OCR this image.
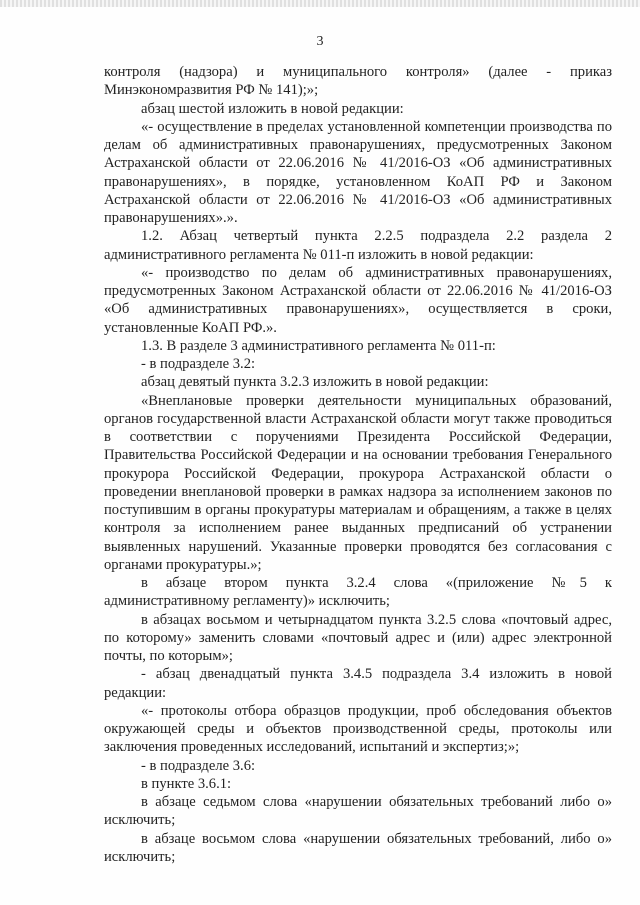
3

контроля (надзора) и муниципального контроля» (далее - приказ Минэкономразвития РФ № 141);»;

абзац шестой изложить в новой редакции:

«- осуществление в пределах установленной компетенции производства по делам об административных правонарушениях, предусмотренных Законом Астраханской области от 22.06.2016 № 41/2016-ОЗ «Об административных правонарушениях», в порядке, установленном КоАП РФ и Законом Астраханской области от 22.06.2016 № 41/2016-ОЗ «Об административных правонарушениях».».

1.2. Абзац четвертый пункта 2.2.5 подраздела 2.2 раздела 2 административного регламента № 011-п изложить в новой редакции:

«- производство по делам об административных правонарушениях, предусмотренных Законом Астраханской области от 22.06.2016 № 41/2016-ОЗ «Об административных правонарушениях», осуществляется в сроки, установленные КоАП РФ.».

1.3. В разделе 3 административного регламента № 011-п:

- в подразделе 3.2:

абзац девятый пункта 3.2.3 изложить в новой редакции:

«Внеплановые проверки деятельности муниципальных образований, органов государственной власти Астраханской области могут также проводиться в соответствии с поручениями Президента Российской Федерации, Правительства Российской Федерации и на основании требования Генерального прокурора Российской Федерации, прокурора Астраханской области о проведении внеплановой проверки в рамках надзора за исполнением законов по поступившим в органы прокуратуры материалам и обращениям, а также в целях контроля за исполнением ранее выданных предписаний об устранении выявленных нарушений. Указанные проверки проводятся без согласования с органами прокуратуры.»;

в абзаце втором пункта 3.2.4 слова «(приложение №5 к административному регламенту)» исключить;

в абзацах восьмом и четырнадцатом пункта 3.2.5 слова «почтовый адрес, по которому» заменить словами «почтовый адрес и (или) адрес электронной почты, по которым»;

- абзац двенадцатый пункта 3.4.5 подраздела 3.4 изложить в новой редакции:

«- протоколы отбора образцов продукции, проб обследования объектов окружающей среды и объектов производственной среды, протоколы или заключения проведенных исследований, испытаний и экспертиз;»;

- в подразделе 3.6:

в пункте 3.6.1:

в абзаце седьмом слова «нарушении обязательных требований либо о» исключить;

в абзаце восьмом слова «нарушении обязательных требований, либо о» исключить;
